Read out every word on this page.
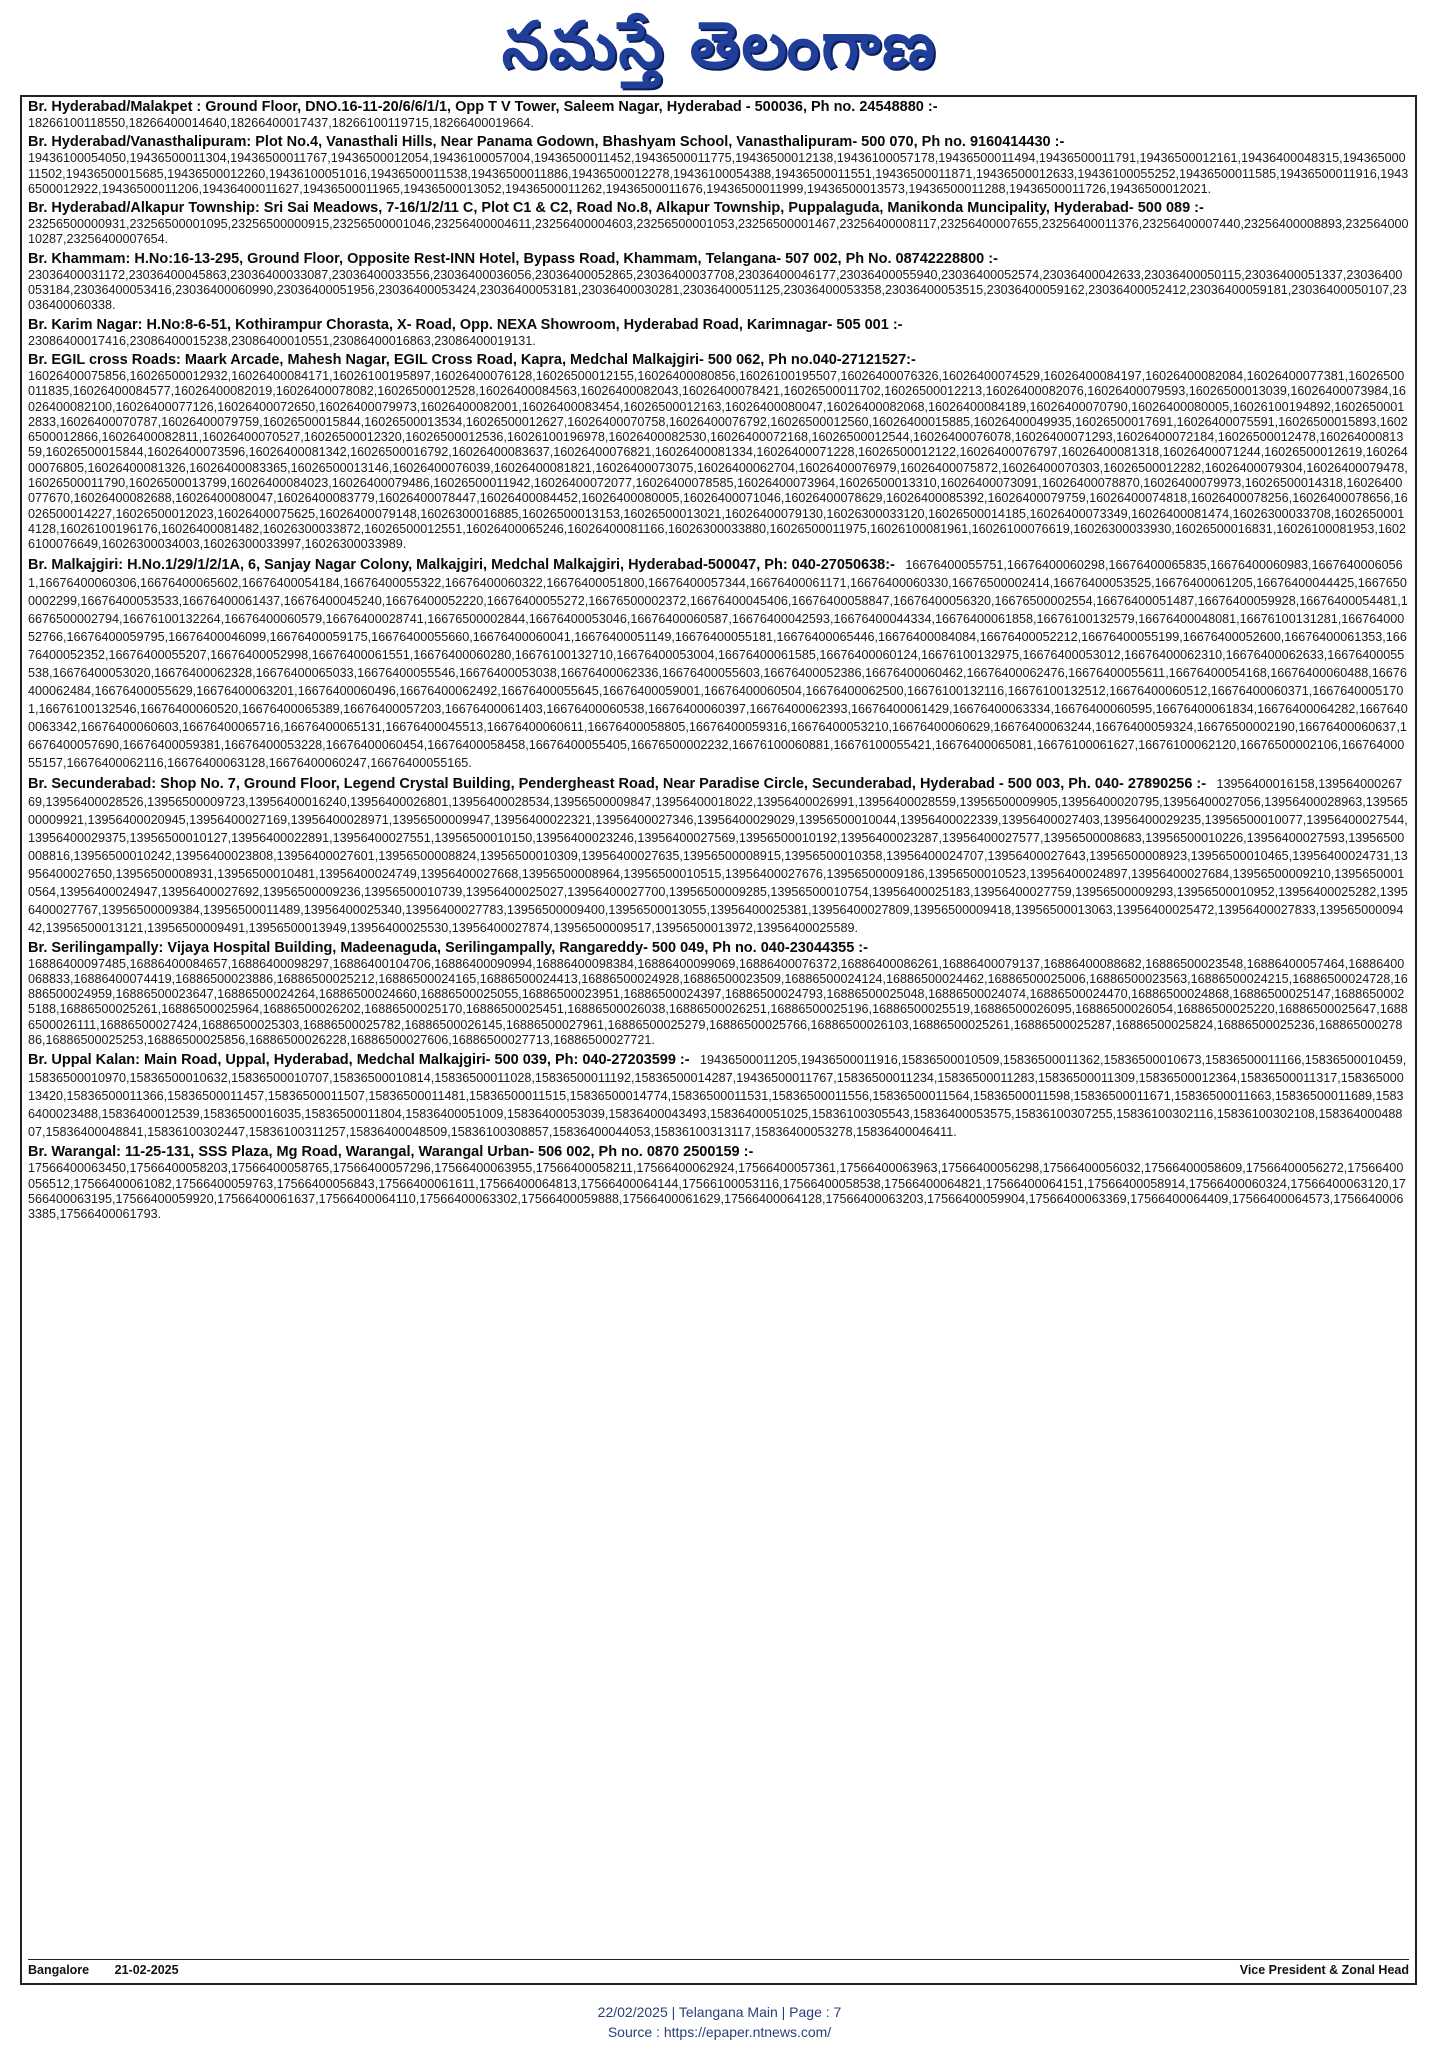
నమస్తే తెలంగాణ
Br. Hyderabad/Malakpet : Ground Floor, DNO.16-11-20/6/6/1/1, Opp T V Tower, Saleem Nagar, Hyderabad - 500036, Ph no. 24548880 :-
18266100118550,18266400014640,18266400017437,18266100119715,18266400019664.
Br. Hyderabad/Vanasthalipuram: Plot No.4, Vanasthali Hills, Near Panama Godown, Bhashyam School, Vanasthalipuram- 500 070, Ph no. 9160414430 :-
19436100054050,19436500011304,19436500011767,19436500012054,19436100057004,19436500011452,19436500011775,19436500012138,19436100057178,19436500011494,19436500011791,19436500012161,19436400048315,19436500011502,19436500015685,19436500012260,19436100051016,19436500011538,19436500011886,19436500012278,19436100054388,19436500011551,19436500011871,19436500012633,19436100055252,19436500011585,19436500011916,19436500012922,19436500011206,19436400011627,19436500011965,19436500013052,19436500011262,19436500011676,19436500011999,19436500013573,19436500011288,19436500011726,19436500012021.
Br. Hyderabad/Alkapur Township: Sri Sai Meadows, 7-16/1/2/11 C, Plot C1 & C2, Road No.8, Alkapur Township, Puppalaguda, Manikonda Muncipality, Hyderabad- 500 089 :-
23256500000931,23256500001095,23256500000915,23256500001046,23256400004611,23256400004603,23256500001053,23256500001467,23256400008117,23256400007655,23256400011376,23256400007440,23256400008893,23256400010287,23256400007654.
Br. Khammam: H.No:16-13-295, Ground Floor, Opposite Rest-INN Hotel, Bypass Road, Khammam, Telangana- 507 002, Ph No. 08742228800 :-
23036400031172,23036400045863,23036400033087,23036400033556,23036400036056,23036400052865,23036400037708,23036400046177,23036400055940,23036400052574,23036400042633,23036400050115,23036400051337,23036400053184,23036400053416,23036400060990,23036400051956,23036400053424,23036400053181,23036400030281,23036400051125,23036400053358,23036400053515,23036400059162,23036400052412,23036400059181,23036400050107,23036400060338.
Br. Karim Nagar: H.No:8-6-51, Kothirampur Chorasta, X- Road, Opp. NEXA Showroom, Hyderabad Road, Karimnagar- 505 001 :-
23086400017416,23086400015238,23086400010551,23086400016863,23086400019131.
Br. EGIL cross Roads: Maark Arcade, Mahesh Nagar, EGIL Cross Road, Kapra, Medchal Malkajgiri- 500 062, Ph no.040-27121527:-
16026400075856,16026500012932,16026400084171,16026100195897,16026400076128,16026500012155,16026400080856,16026100195507,16026400076326,16026400074529,16026400084197,16026400082084,16026400077381,16026500011835,16026400084577,16026400082019,16026400078082,16026500012528,16026400084563,16026400082043,16026400078421,16026500011702,16026500012213,16026400082076,16026400079593,16026500013039,16026400073984,16026400082100,16026400077126,16026400072650,16026400079973,16026400082001,16026400083454,16026500012163,16026400080047,16026400082068,16026400084189,16026400070790,16026400080005,16026100194892,16026500012833,16026400070787,16026400079759,16026500015844,16026500013534,16026500012627,16026400070758,16026400076792,16026500012560,16026400015885,16026400049935,16026500017691,16026400075591,16026500015893,16026500012866,16026400082811,16026400070527,16026500012320,16026500012536,16026100196978,16026400082530,16026400072168,16026500012544,16026400076078,16026400071293,16026400072184,16026500012478,16026400081359,16026500015844,16026400073596,16026400081342,16026500016792,16026400083637,16026400076821,16026400081334,16026400071228,16026500012122,16026400076797,16026400081318,16026400071244,16026500012619,16026400076805,16026400081326,16026400083365,16026500013146,16026400076039,16026400081821,16026400073075,16026400062704,16026400076979,16026400075872,16026400070303,16026500012282,16026400079304,16026400079478,16026500011790,16026500013799,16026400084023,16026400079486,16026500011942,16026400072077,16026400078585,16026400073964,16026500013310,16026400073091,16026400078870,16026400079973,16026500014318,16026400077670,16026400082688,16026400080047,16026400083779,16026400078447,16026400084452,16026400080005,16026400071046,16026400078629,16026400085392,16026400079759,16026400074818,16026400078256,16026400078656,16026500014227,16026500012023,16026400075625,16026400079148,16026300016885,16026500013153,16026500013021,16026400079130,16026300033120,16026500014185,16026400073349,16026400081474,16026300033708,16026500014128,16026100196176,16026400081482,16026300033872,16026500012551,16026400065246,16026400081166,16026300033880,16026500011975,16026100081961,16026100076619,16026300033930,16026500016831,16026100081953,16026100076649,16026300034003,16026300033997,16026300033989.
Br. Malkajgiri: H.No.1/29/1/2/1A, 6, Sanjay Nagar Colony, Malkajgiri, Medchal Malkajgiri, Hyderabad-500047, Ph: 040-27050638:- 16676400055751,16676400060298,16676400065835,16676400060983,16676400060561,16676400060306,16676400065602,16676400054184,16676400055322,16676400060322,16676400051800,16676400057344,16676400061171,16676400060330,16676500002414,16676400053525,16676400061205,16676400044425,16676500002299,16676400053533,16676400061437,16676400045240,16676400052220,16676400055272,16676500002372,16676400045406,16676400058847,16676400056320,16676500002554,16676400051487,16676400059928,16676400054481,16676500002794,16676100132264,16676400060579,16676400028741,16676500002844,16676400053046,16676400060587,16676400042593,16676400044334,16676400061858,16676100132579,16676400048081,16676100131281,16676400052766,16676400059795,16676400046099,16676400059175,16676400055660,16676400060041,16676400051149,16676400055181,16676400065446,16676400084084,16676400052212,16676400055199,16676400052600,16676400061353,16676400052352,16676400055207,16676400052998,16676400061551,16676400060280,16676100132710,16676400053004,16676400061585,16676400060124,16676100132975,16676400053012,16676400062310,16676400062633,16676400055538,16676400053020,16676400062328,16676400065033,16676400055546,16676400053038,16676400062336,16676400055603,16676400052386,16676400060462,16676400062476,16676400055611,16676400054168,16676400060488,16676400062484,16676400055629,16676400063201,16676400060496,16676400062492,16676400055645,16676400059001,16676400060504,16676400062500,16676100132116,16676100132512,16676400060512,16676400060371,16676400051701,16676100132546,16676400060520,16676400065389,16676400057203,16676400061403,16676400060538,16676400060397,16676400062393,16676400061429,16676400063334,16676400060595,16676400061834,16676400064282,16676400063342,16676400060603,16676400065716,16676400065131,16676400045513,16676400060611,16676400058805,16676400059316,16676400053210,16676400060629,16676400063244,16676400059324,16676500002190,16676400060637,16676400057690,16676400059381,16676400053228,16676400060454,16676400058458,16676400055405,16676500002232,16676100060881,16676100055421,16676400065081,16676100061627,16676100062120,16676500002106,16676400055157,16676400062116,16676400063128,16676400060247,16676400055165.
Br. Secunderabad: Shop No. 7, Ground Floor, Legend Crystal Building, Pendergheast Road, Near Paradise Circle, Secunderabad, Hyderabad - 500 003, Ph. 040- 27890256 :- 13956400016158,13956400026769,13956400028526,13956500009723,13956400016240,13956400026801,13956400028534,13956500009847,13956400018022,13956400026991,13956400028559,13956500009905,13956400020795,13956400027056,13956400028963,13956500009921,13956400020945,13956400027169,13956400028971,13956500009947,13956400022321,13956400027346,13956400029029,13956500010044,13956400022339,13956400027403,13956400029235,13956500010077,13956400027544,13956400029375,13956500010127,13956400022891,13956400027551,13956500010150,13956400023246,13956400027569,13956500010192,13956400023287,13956400027577,13956500008683,13956500010226,13956400027593,13956500008816,13956500010242,13956400023808,13956400027601,13956500008824,13956500010309,13956400027635,13956500008915,13956500010358,13956400024707,13956400027643,13956500008923,13956500010465,13956400024731,13956400027650,13956500008931,13956500010481,13956400024749,13956400027668,13956500008964,13956500010515,13956400027676,13956500009186,13956500010523,13956400024897,13956400027684,13956500009210,13956500010564,13956400024947,13956400027692,13956500009236,13956500010739,13956400025027,13956400027700,13956500009285,13956500010754,13956400025183,13956400027759,13956500009293,13956500010952,13956400025282,13956400027767,13956500009384,13956500011489,13956400025340,13956400027783,13956500009400,13956500013055,13956400025381,13956400027809,13956500009418,13956500013063,13956400025472,13956400027833,13956500009442,13956500013121,13956500009491,13956500013949,13956400025530,13956400027874,13956500009517,13956500013972,13956400025589.
Br. Serilingampally: Vijaya Hospital Building, Madeenaguda, Serilingampally, Rangareddy- 500 049, Ph no. 040-23044355 :-
16886400097485,16886400084657,16886400098297,16886400104706,16886400090994,16886400098384,16886400099069,16886400076372,16886400086261,16886400079137,16886400088682,16886500023548,16886400057464,16886400068833,16886400074419,16886500023886,16886500025212,16886500024165,16886500024413,16886500024928,16886500023509,16886500024124,16886500024462,16886500025006,16886500023563,16886500024215,16886500024728,16886500024959,16886500023647,16886500024264,16886500024660,16886500025055,16886500023951,16886500024397,16886500024793,16886500025048,16886500024074,16886500024470,16886500024868,16886500025147,16886500025188,16886500025261,16886500025964,16886500026202,16886500025170,16886500025451,16886500026038,16886500026251,16886500025196,16886500025519,16886500026095,16886500026054,16886500025220,16886500025647,16886500026111,16886500027424,16886500025303,16886500025782,16886500026145,16886500027961,16886500025279,16886500025766,16886500026103,16886500025261,16886500025287,16886500025824,16886500025236,16886500027886,16886500025253,16886500025856,16886500026228,16886500027606,16886500027713,16886500027721.
Br. Uppal Kalan: Main Road, Uppal, Hyderabad, Medchal Malkajgiri- 500 039, Ph: 040-27203599 :- 19436500011205,19436500011916,15836500010509,15836500011362,15836500010673,15836500011166,15836500010459,15836500010970,15836500010632,15836500010707,15836500010814,15836500011028,15836500011192,15836500014287,19436500011767,15836500011234,15836500011283,15836500011309,15836500012364,15836500011317,15836500013420,15836500011366,15836500011457,15836500011507,15836500011481,15836500011515,15836500014774,15836500011531,15836500011556,15836500011564,15836500011598,15836500011671,15836500011663,15836500011689,15836400023488,15836400012539,15836500016035,15836500011804,15836400051009,15836400053039,15836400043493,15836400051025,15836100305543,15836400053575,15836100307255,15836100302116,15836100302108,15836400048807,15836400048841,15836100302447,15836100311257,15836400048509,15836100308857,15836400044053,15836100313117,15836400053278,15836400046411.
Br. Warangal: 11-25-131, SSS Plaza, Mg Road, Warangal, Warangal Urban- 506 002, Ph no. 0870 2500159 :-
17566400063450,17566400058203,17566400058765,17566400057296,17566400063955,17566400058211,17566400062924,17566400057361,17566400063963,17566400056298,17566400056032,17566400058609,17566400056272,17566400056512,17566400061082,17566400059763,17566400056843,17566400061611,17566400064813,17566400064144,17566100053116,17566400058538,17566400064821,17566400064151,17566400058914,17566400060324,17566400063120,17566400063195,17566400059920,17566400061637,17566400064110,17566400063302,17566400059888,17566400061629,17566400064128,17566400063203,17566400059904,17566400063369,17566400064409,17566400064573,17566400063385,17566400061793.
Bangalore 21-02-2025	Vice President & Zonal Head
22/02/2025 | Telangana Main | Page : 7
Source : https://epaper.ntnews.com/
